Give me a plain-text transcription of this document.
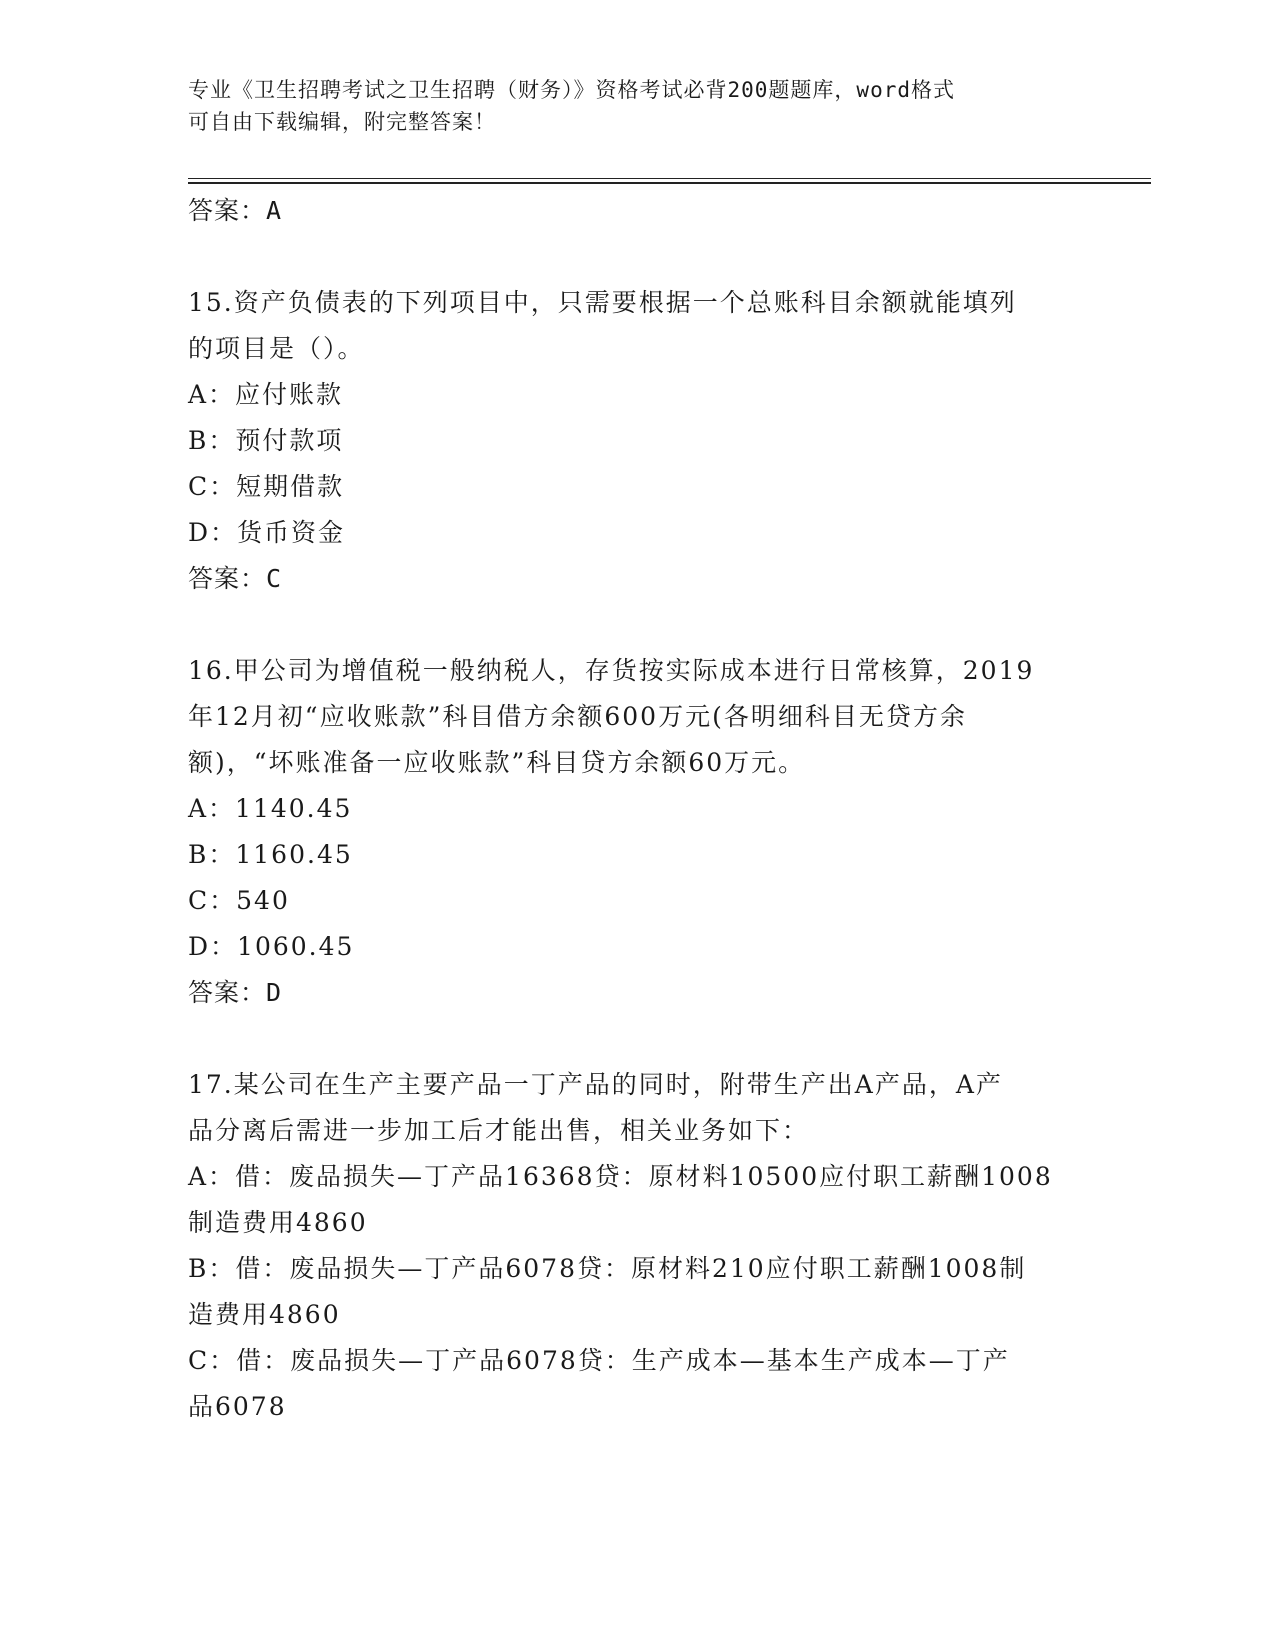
专业《卫生招聘考试之卫生招聘（财务）》资格考试必背200题题库，word格式
可自由下载编辑，附完整答案！
答案：A
15.资产负债表的下列项目中，只需要根据一个总账科目余额就能填列
的项目是（）。
A：应付账款
B：预付款项
C：短期借款
D：货币资金
答案：C
16.甲公司为增值税一般纳税人，存货按实际成本进行日常核算，2019
年12月初“应收账款”科目借方余额600万元(各明细科目无贷方余
额)，“坏账准备一应收账款”科目贷方余额60万元。
A：1140.45
B：1160.45
C：540
D：1060.45
答案：D
17.某公司在生产主要产品一丁产品的同时，附带生产出A产品，A产
品分离后需进一步加工后才能出售，相关业务如下：
A：借：废品损失—丁产品16368贷：原材料10500应付职工薪酬1008
制造费用4860
B：借：废品损失—丁产品6078贷：原材料210应付职工薪酬1008制
造费用4860
C：借：废品损失—丁产品6078贷：生产成本—基本生产成本—丁产
品6078
